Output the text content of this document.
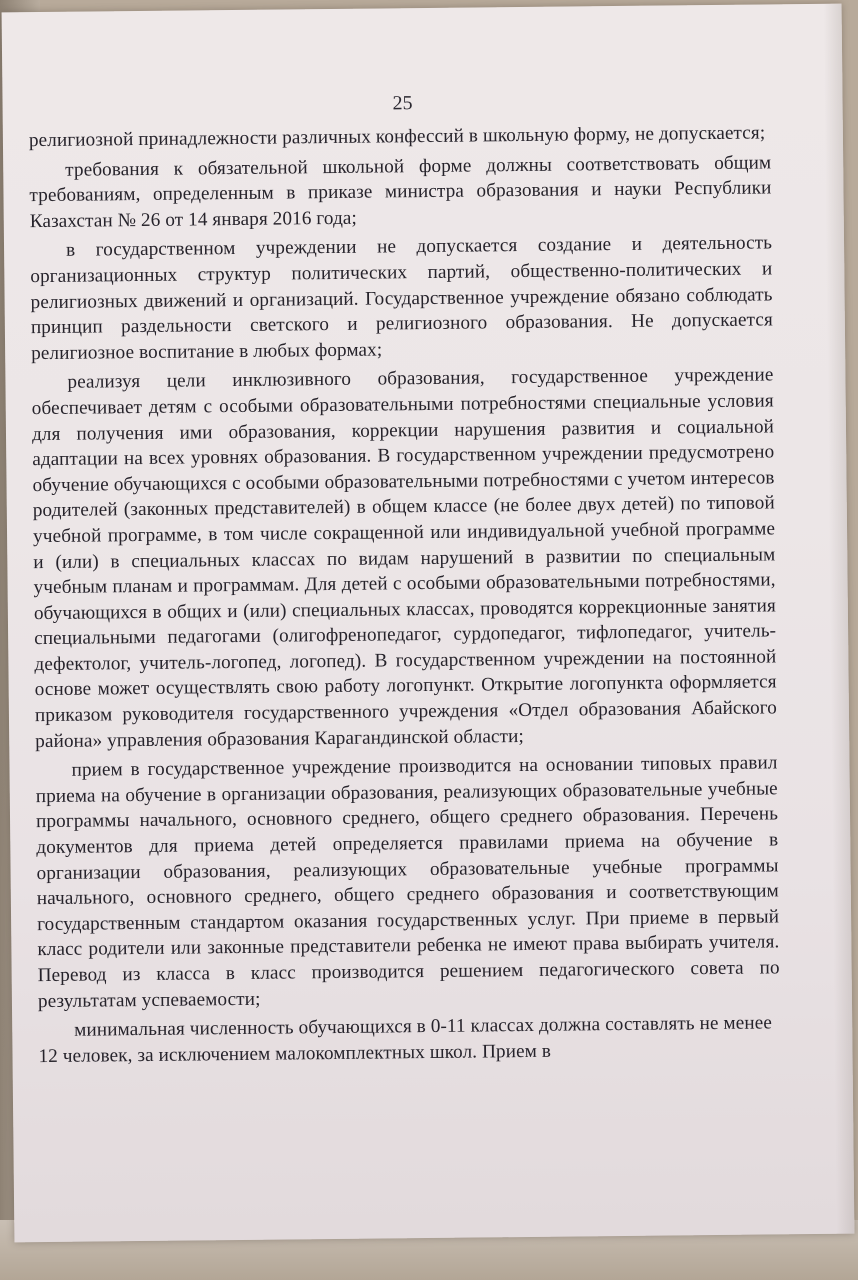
25

религиозной принадлежности различных конфессий в школьную форму, не допускается;

требования к обязательной школьной форме должны соответствовать общим требованиям, определенным в приказе министра образования и науки Республики Казахстан № 26 от 14 января 2016 года;

в государственном учреждении не допускается создание и деятельность организационных структур политических партий, общественно-политических и религиозных движений и организаций. Государственное учреждение обязано соблюдать принцип раздельности светского и религиозного образования. Не допускается религиозное воспитание в любых формах;

реализуя цели инклюзивного образования, государственное учреждение обеспечивает детям с особыми образовательными потребностями специальные условия для получения ими образования, коррекции нарушения развития и социальной адаптации на всех уровнях образования. В государственном учреждении предусмотрено обучение обучающихся с особыми образовательными потребностями с учетом интересов родителей (законных представителей) в общем классе (не более двух детей) по типовой учебной программе, в том числе сокращенной или индивидуальной учебной программе и (или) в специальных классах по видам нарушений в развитии по специальным учебным планам и программам. Для детей с особыми образовательными потребностями, обучающихся в общих и (или) специальных классах, проводятся коррекционные занятия специальными педагогами (олигофренопедагог, сурдопедагог, тифлопедагог, учитель-дефектолог, учитель-логопед, логопед). В государственном учреждении на постоянной основе может осуществлять свою работу логопункт. Открытие логопункта оформляется приказом руководителя государственного учреждения «Отдел образования Абайского района» управления образования Карагандинской области;

прием в государственное учреждение производится на основании типовых правил приема на обучение в организации образования, реализующих образовательные учебные программы начального, основного среднего, общего среднего образования. Перечень документов для приема детей определяется правилами приема на обучение в организации образования, реализующих образовательные учебные программы начального, основного среднего, общего среднего образования и соответствующим государственным стандартом оказания государственных услуг. При приеме в первый класс родители или законные представители ребенка не имеют права выбирать учителя. Перевод из класса в класс производится решением педагогического совета по результатам успеваемости;

минимальная численность обучающихся в 0-11 классах должна составлять не менее 12 человек, за исключением малокомплектных школ. Прием в
